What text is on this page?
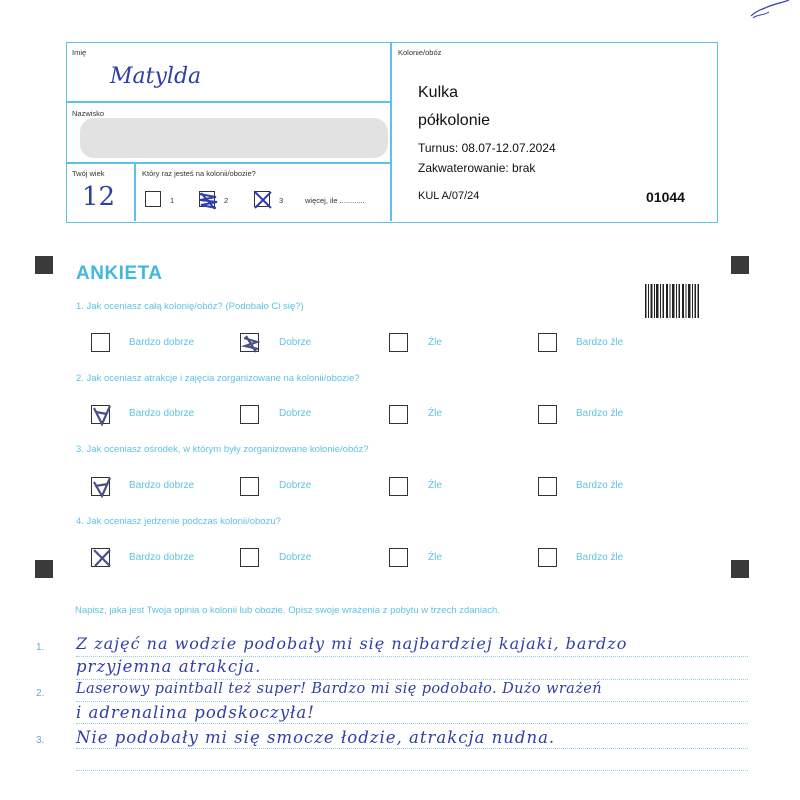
Imię
Matylda
Nazwisko
Twój wiek
12
Który raz jesteś na kolonii/obozie?
1	2	3	więcej, ile ............
Kolonie/obóz
Kulka
półkolonie
Turnus: 08.07-12.07.2024
Zakwaterowanie: brak
KUL A/07/24	01044
ANKIETA
1. Jak oceniasz całą kolonię/obóz? (Podobało Ci się?)
2. Jak oceniasz atrakcje i zajęcia zorganizowane na kolonii/obozie?
3. Jak oceniasz ośrodek, w którym były zorganizowane kolonie/obóz?
4. Jak oceniasz jedzenie podczas kolonii/obozu?
Bardzo dobrze	Dobrze	Źle	Bardzo źle
Bardzo dobrze	Dobrze	Źle	Bardzo źle
Bardzo dobrze	Dobrze	Źle	Bardzo źle
Bardzo dobrze	Dobrze	Źle	Bardzo źle
Napisz, jaka jest Twoja opinia o kolonii lub obozie. Opisz swoje wrażenia z pobytu w trzech zdaniach.
1.
2.
3.
Z zajęć na wodzie podobały mi się najbardziej kajaki, bardzo
przyjemna atrakcja.
Laserowy paintball też super! Bardzo mi się podobało. Dużo wrażeń
i adrenalina podskoczyła!
Nie podobały mi się smocze łodzie, atrakcja nudna.
